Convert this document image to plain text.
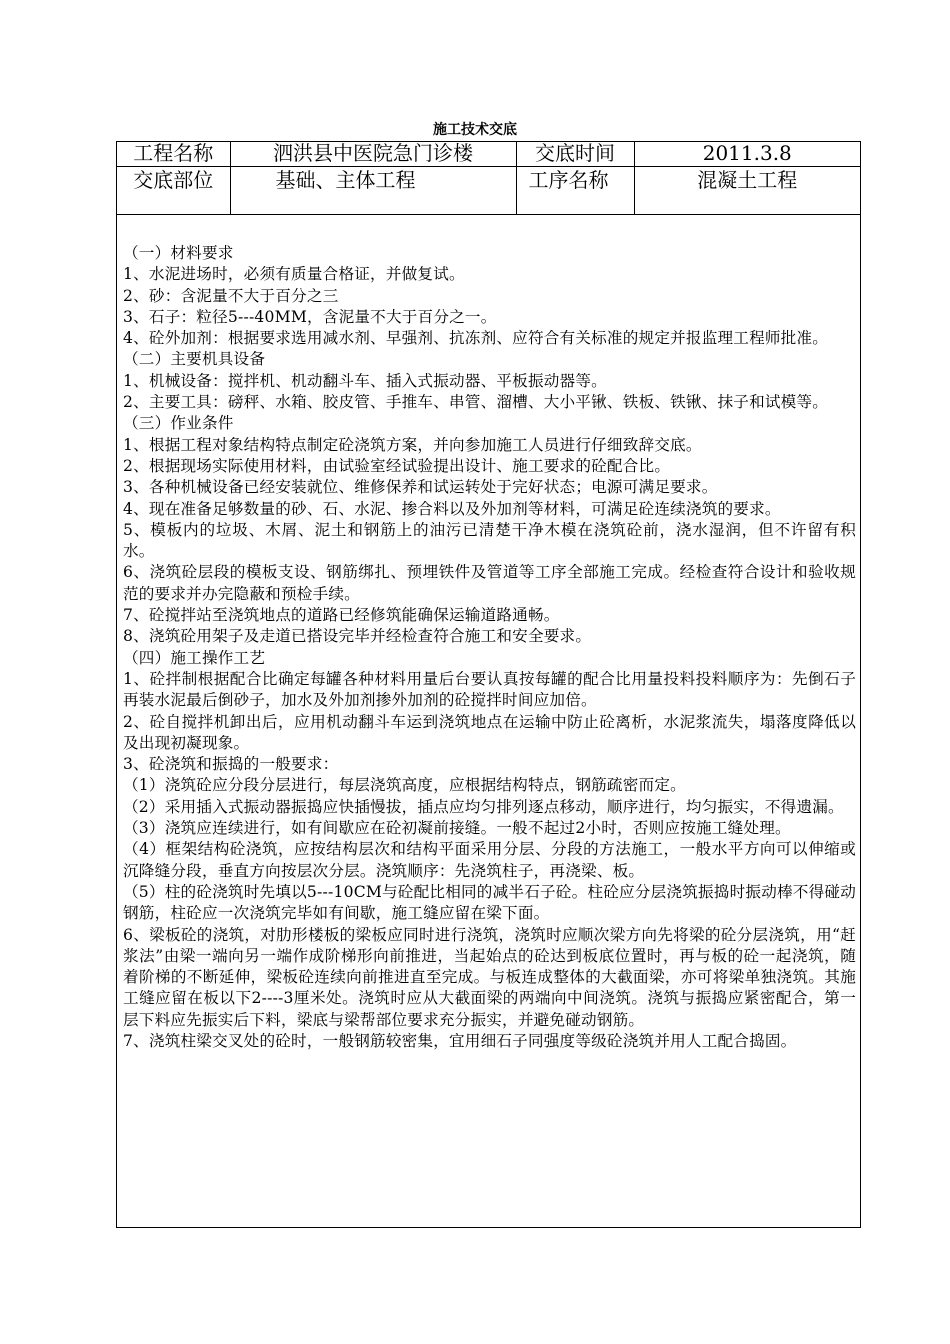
施工技术交底
工程名称	泗洪县中医院急门诊楼	交底时间	2011.3.8
交底部位	基础、主体工程	工序名称	混凝土工程

（一）材料要求

1、水泥进场时，必须有质量合格证，并做复试。

2、砂：含泥量不大于百分之三

3、石子：粒径5---40MM，含泥量不大于百分之一。

4、砼外加剂：根据要求选用减水剂、早强剂、抗冻剂、应符合有关标准的规定并报监理工程师批准。

（二）主要机具设备

1、机械设备：搅拌机、机动翻斗车、插入式振动器、平板振动器等。

2、主要工具：磅秤、水箱、胶皮管、手推车、串管、溜槽、大小平锹、铁板、铁锹、抹子和试模等。

（三）作业条件

1、根据工程对象结构特点制定砼浇筑方案，并向参加施工人员进行仔细致辞交底。

2、根据现场实际使用材料，由试验室经试验提出设计、施工要求的砼配合比。

3、各种机械设备已经安装就位、维修保养和试运转处于完好状态；电源可满足要求。

4、现在准备足够数量的砂、石、水泥、掺合料以及外加剂等材料，可满足砼连续浇筑的要求。

5、模板内的垃圾、木屑、泥土和钢筋上的油污已清楚干净木模在浇筑砼前，浇水湿润，但不许留有积水。

6、浇筑砼层段的模板支设、钢筋绑扎、预埋铁件及管道等工序全部施工完成。经检查符合设计和验收规范的要求并办完隐蔽和预检手续。

7、砼搅拌站至浇筑地点的道路已经修筑能确保运输道路通畅。

8、浇筑砼用架子及走道已搭设完毕并经检查符合施工和安全要求。

（四）施工操作工艺

1、砼拌制根据配合比确定每罐各种材料用量后台要认真按每罐的配合比用量投料投料顺序为：先倒石子再装水泥最后倒砂子，加水及外加剂掺外加剂的砼搅拌时间应加倍。

2、砼自搅拌机卸出后，应用机动翻斗车运到浇筑地点在运输中防止砼离析，水泥浆流失，塌落度降低以及出现初凝现象。

3、砼浇筑和振捣的一般要求：

（1）浇筑砼应分段分层进行，每层浇筑高度，应根据结构特点，钢筋疏密而定。

（2）采用插入式振动器振捣应快插慢拔，插点应均匀排列逐点移动，顺序进行，均匀振实，不得遗漏。

（3）浇筑应连续进行，如有间歇应在砼初凝前接缝。一般不起过2小时，否则应按施工缝处理。

（4）框架结构砼浇筑，应按结构层次和结构平面采用分层、分段的方法施工，一般水平方向可以伸缩或沉降缝分段，垂直方向按层次分层。浇筑顺序：先浇筑柱子，再浇梁、板。

（5）柱的砼浇筑时先填以5---10CM与砼配比相同的减半石子砼。柱砼应分层浇筑振捣时振动棒不得碰动钢筋，柱砼应一次浇筑完毕如有间歇，施工缝应留在梁下面。

6、梁板砼的浇筑，对肋形楼板的梁板应同时进行浇筑，浇筑时应顺次梁方向先将梁的砼分层浇筑，用“赶浆法”由梁一端向另一端作成阶梯形向前推进，当起始点的砼达到板底位置时，再与板的砼一起浇筑，随着阶梯的不断延伸，梁板砼连续向前推进直至完成。与板连成整体的大截面梁，亦可将梁单独浇筑。其施工缝应留在板以下2----3厘米处。浇筑时应从大截面梁的两端向中间浇筑。浇筑与振捣应紧密配合，第一层下料应先振实后下料，梁底与梁帮部位要求充分振实，并避免碰动钢筋。

7、浇筑柱梁交叉处的砼时，一般钢筋较密集，宜用细石子同强度等级砼浇筑并用人工配合捣固。
